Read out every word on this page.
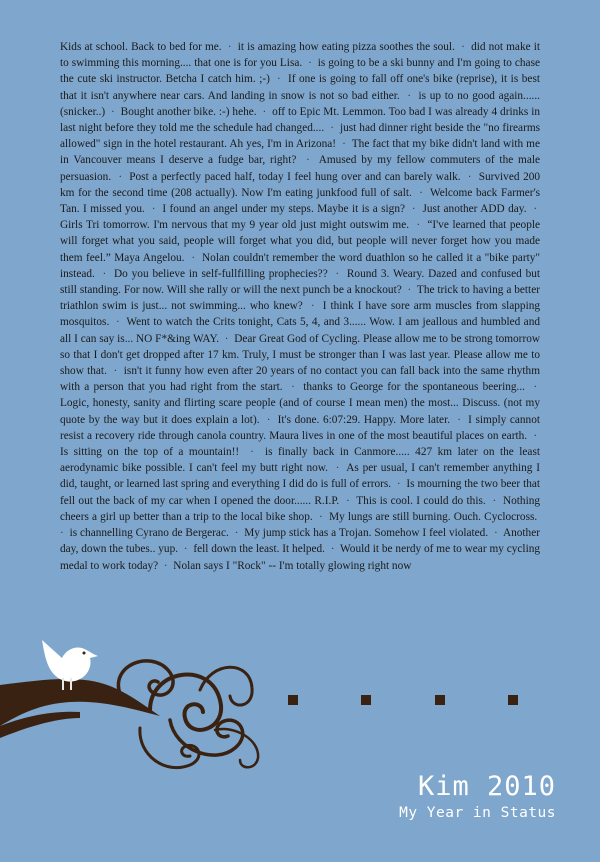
Kids at school. Back to bed for me. · it is amazing how eating pizza soothes the soul. · did not make it to swimming this morning.... that one is for you Lisa. · is going to be a ski bunny and I'm going to chase the cute ski instructor. Betcha I catch him. ;-) · If one is going to fall off one's bike (reprise), it is best that it isn't anywhere near cars. And landing in snow is not so bad either. · is up to no good again...... (snicker..) · Bought another bike. :-) hehe. · off to Epic Mt. Lemmon. Too bad I was already 4 drinks in last night before they told me the schedule had changed.... · just had dinner right beside the "no firearms allowed" sign in the hotel restaurant. Ah yes, I'm in Arizona! · The fact that my bike didn't land with me in Vancouver means I deserve a fudge bar, right? · Amused by my fellow commuters of the male persuasion. · Post a perfectly paced half, today I feel hung over and can barely walk. · Survived 200 km for the second time (208 actually). Now I'm eating junkfood full of salt. · Welcome back Farmer's Tan. I missed you. · I found an angel under my steps. Maybe it is a sign? · Just another ADD day. ·  Girls Tri tomorrow. I'm nervous that my 9 year old just might outswim me. · “I've learned that people will forget what you said, people will forget what you did, but people will never forget how you made them feel.” Maya Angelou. · Nolan couldn't remember the word duathlon so he called it a "bike party" instead. · Do you believe in self-fullfilling prophecies?? · Round 3. Weary. Dazed and confused but still standing. For now. Will she rally or will the next punch be a knockout? · The trick to having a better triathlon swim is just... not swimming... who knew? · I think I have sore arm muscles from slapping mosquitos. · Went to watch the Crits tonight, Cats 5, 4, and 3...... Wow. I am jeallous and humbled and all I can say is... NO F*&ing WAY. · Dear Great God of Cycling. Please allow me to be strong tomorrow so that I don't get dropped after 17 km. Truly, I must be stronger than I was last year. Please allow me to show that. · isn't it funny how even after 20 years of no contact you can fall back into the same rhythm with a person that you had right from the start. · thanks to George for the spontaneous beering... ·  Logic, honesty, sanity and flirting scare people (and of course I mean men) the most... Discuss. (not my quote by the way but it does explain a lot). · It's done. 6:07:29. Happy. More later. · I simply cannot resist a recovery ride through canola country. Maura lives in one of the most beautiful places on earth. ·  Is sitting on the top of a mountain!! · is finally back in Canmore..... 427 km later on the least aerodynamic bike possible. I can't feel my butt right now. · As per usual, I can't remember anything I did, taught, or learned last spring and everything I did do is full of errors. · Is mourning the two beer that fell out the back of my car when I opened the door...... R.I.P. · This is cool. I could do this. · Nothing cheers a girl up better than a trip to the local bike shop. · My lungs are still burning. Ouch. Cyclocross.  · is channelling Cyrano de Bergerac. · My jump stick has a Trojan. Somehow I feel violated. · Another day, down the tubes.. yup. · fell down the least. It helped. · Would it be nerdy of me to wear my cycling medal to work today? · Nolan says I "Rock" -- I'm totally glowing right now

Kim 2010
My Year in Status
